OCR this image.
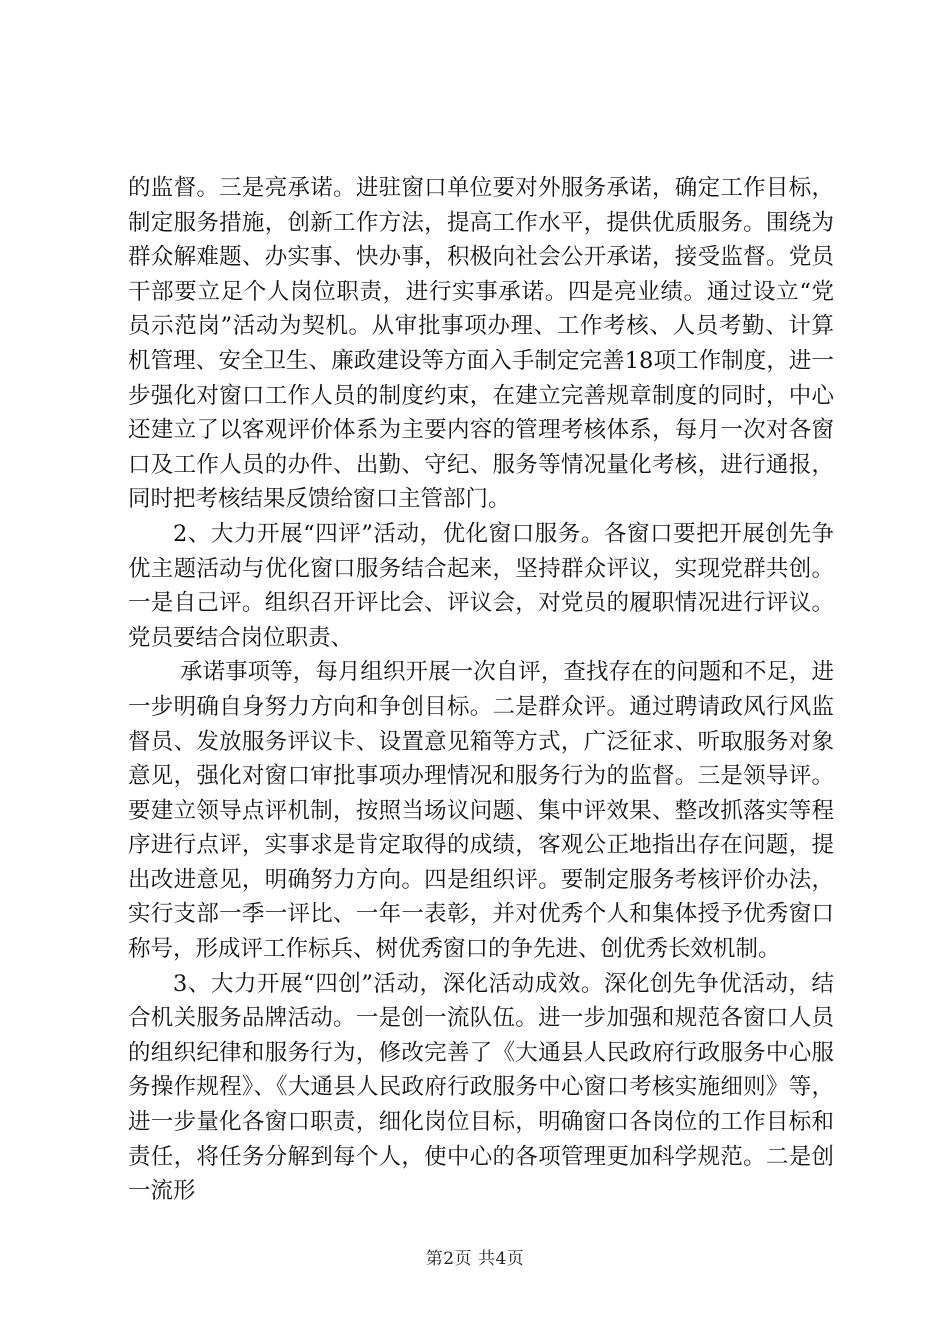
的监督。三是亮承诺。进驻窗口单位要对外服务承诺，确定工作目标，制定服务措施，创新工作方法，提高工作水平，提供优质服务。围绕为群众解难题、办实事、快办事，积极向社会公开承诺，接受监督。党员干部要立足个人岗位职责，进行实事承诺。四是亮业绩。通过设立“党员示范岗”活动为契机。从审批事项办理、工作考核、人员考勤、计算机管理、安全卫生、廉政建设等方面入手制定完善18项工作制度，进一步强化对窗口工作人员的制度约束，在建立完善规章制度的同时，中心还建立了以客观评价体系为主要内容的管理考核体系，每月一次对各窗口及工作人员的办件、出勤、守纪、服务等情况量化考核，进行通报，同时把考核结果反馈给窗口主管部门。

2、大力开展“四评”活动，优化窗口服务。各窗口要把开展创先争优主题活动与优化窗口服务结合起来，坚持群众评议，实现党群共创。一是自己评。组织召开评比会、评议会，对党员的履职情况进行评议。党员要结合岗位职责、

承诺事项等，每月组织开展一次自评，查找存在的问题和不足，进一步明确自身努力方向和争创目标。二是群众评。通过聘请政风行风监督员、发放服务评议卡、设置意见箱等方式，广泛征求、听取服务对象意见，强化对窗口审批事项办理情况和服务行为的监督。三是领导评。要建立领导点评机制，按照当场议问题、集中评效果、整改抓落实等程序进行点评，实事求是肯定取得的成绩，客观公正地指出存在问题，提出改进意见，明确努力方向。四是组织评。要制定服务考核评价办法，实行支部一季一评比、一年一表彰，并对优秀个人和集体授予优秀窗口称号，形成评工作标兵、树优秀窗口的争先进、创优秀长效机制。

3、大力开展“四创”活动，深化活动成效。深化创先争优活动，结合机关服务品牌活动。一是创一流队伍。进一步加强和规范各窗口人员的组织纪律和服务行为，修改完善了《大通县人民政府行政服务中心服务操作规程》、《大通县人民政府行政服务中心窗口考核实施细则》等，进一步量化各窗口职责，细化岗位目标，明确窗口各岗位的工作目标和责任，将任务分解到每个人，使中心的各项管理更加科学规范。二是创一流形

第2页 共4页
